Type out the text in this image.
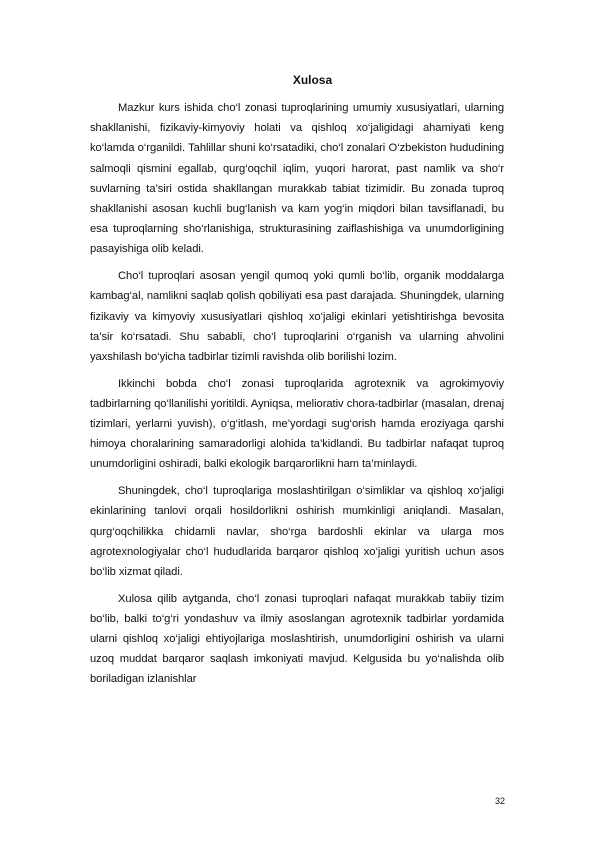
Xulosa

Mazkur kurs ishida cho‘l zonasi tuproqlarining umumiy xususiyatlari, ularning shakllanishi, fizikaviy-kimyoviy holati va qishloq xo‘jaligidagi ahamiyati keng ko‘lamda o‘rganildi. Tahlillar shuni ko‘rsatadiki, cho‘l zonalari O‘zbekiston hududining salmoqli qismini egallab, qurg‘oqchil iqlim, yuqori harorat, past namlik va sho‘r suvlarning ta’siri ostida shakllangan murakkab tabiat tizimidir. Bu zonada tuproq shakllanishi asosan kuchli bug‘lanish va kam yog‘in miqdori bilan tavsiflanadi, bu esa tuproqlarning sho‘rlanishiga, strukturasining zaiflashishiga va unumdorligining pasayishiga olib keladi.

Cho‘l tuproqlari asosan yengil qumoq yoki qumli bo‘lib, organik moddalarga kambag‘al, namlikni saqlab qolish qobiliyati esa past darajada. Shuningdek, ularning fizikaviy va kimyoviy xususiyatlari qishloq xo‘jaligi ekinlari yetishtirishga bevosita ta’sir ko‘rsatadi. Shu sababli, cho‘l tuproqlarini o‘rganish va ularning ahvolini yaxshilash bo‘yicha tadbirlar tizimli ravishda olib borilishi lozim.

Ikkinchi bobda cho‘l zonasi tuproqlarida agrotexnik va agrokimyoviy tadbirlarning qo‘llanilishi yoritildi. Ayniqsa, meliorativ chora-tadbirlar (masalan, drenaj tizimlari, yerlarni yuvish), o‘g‘itlash, me’yordagi sug‘orish hamda eroziyaga qarshi himoya choralarining samaradorligi alohida ta’kidlandi. Bu tadbirlar nafaqat tuproq unumdorligini oshiradi, balki ekologik barqarorlikni ham ta’minlaydi.

Shuningdek, cho‘l tuproqlariga moslashtirilgan o‘simliklar va qishloq xo‘jaligi ekinlarining tanlovi orqali hosildorlikni oshirish mumkinligi aniqlandi. Masalan, qurg‘oqchilikka chidamli navlar, sho‘rga bardoshli ekinlar va ularga mos agrotexnologiyalar cho‘l hududlarida barqaror qishloq xo‘jaligi yuritish uchun asos bo‘lib xizmat qiladi.

Xulosa qilib aytganda, cho‘l zonasi tuproqlari nafaqat murakkab tabiiy tizim bo‘lib, balki to‘g‘ri yondashuv va ilmiy asoslangan agrotexnik tadbirlar yordamida ularni qishloq xo‘jaligi ehtiyojlariga moslashtirish, unumdorligini oshirish va ularni uzoq muddat barqaror saqlash imkoniyati mavjud. Kelgusida bu yo‘nalishda olib boriladigan izlanishlar

32
